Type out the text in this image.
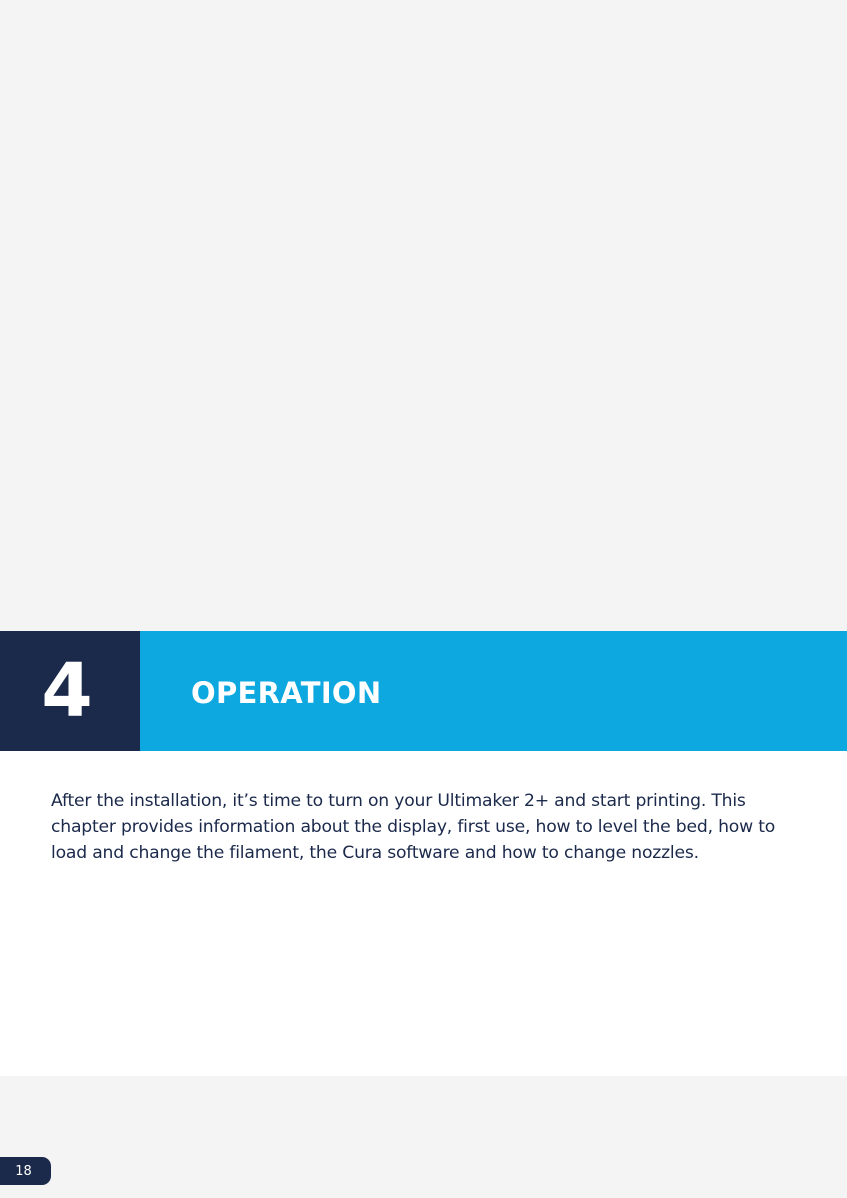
4	OPERATION

After the installation, it’s time to turn on your Ultimaker 2+ and start printing. This chapter provides information about the display, first use, how to level the bed, how to load and change the filament, the Cura software and how to change nozzles.

18
